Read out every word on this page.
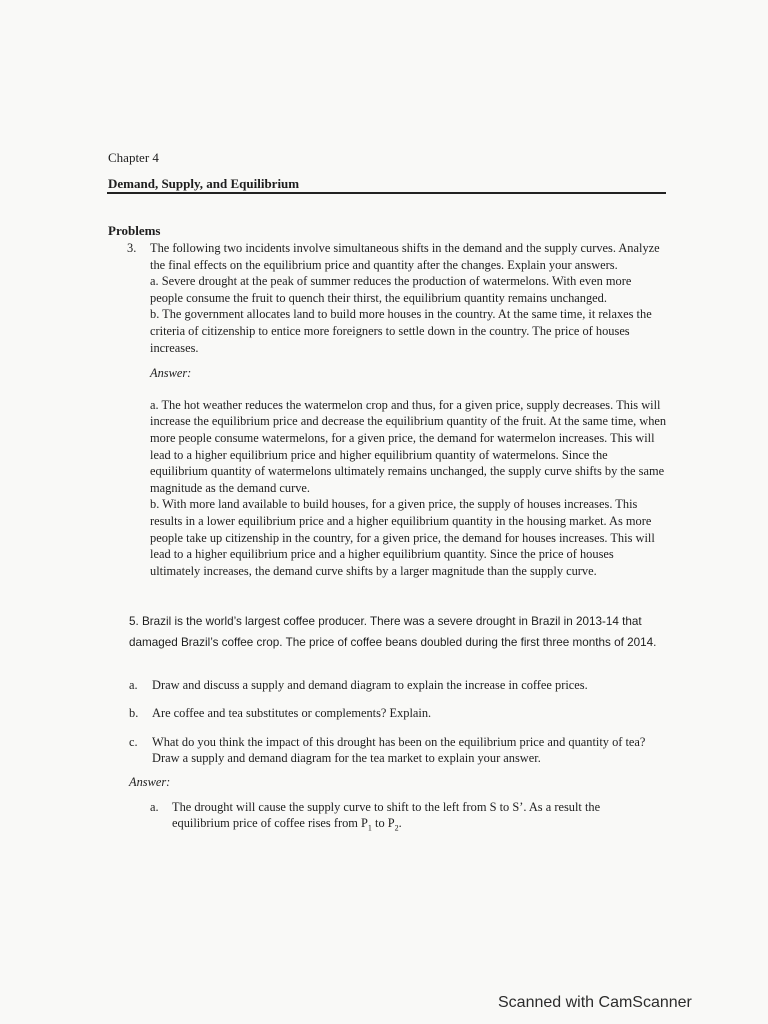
Chapter 4
Demand, Supply, and Equilibrium
Problems
3. The following two incidents involve simultaneous shifts in the demand and the supply curves. Analyze the final effects on the equilibrium price and quantity after the changes. Explain your answers.

a. Severe drought at the peak of summer reduces the production of watermelons. With even more people consume the fruit to quench their thirst, the equilibrium quantity remains unchanged.

b. The government allocates land to build more houses in the country. At the same time, it relaxes the criteria of citizenship to entice more foreigners to settle down in the country. The price of houses increases.

Answer:

a. The hot weather reduces the watermelon crop and thus, for a given price, supply decreases. This will increase the equilibrium price and decrease the equilibrium quantity of the fruit. At the same time, when more people consume watermelons, for a given price, the demand for watermelon increases. This will lead to a higher equilibrium price and higher equilibrium quantity of watermelons. Since the equilibrium quantity of watermelons ultimately remains unchanged, the supply curve shifts by the same magnitude as the demand curve.

b. With more land available to build houses, for a given price, the supply of houses increases. This results in a lower equilibrium price and a higher equilibrium quantity in the housing market. As more people take up citizenship in the country, for a given price, the demand for houses increases. This will lead to a higher equilibrium price and a higher equilibrium quantity. Since the price of houses ultimately increases, the demand curve shifts by a larger magnitude than the supply curve.

5. Brazil is the world’s largest coffee producer. There was a severe drought in Brazil in 2013-14 that damaged Brazil’s coffee crop. The price of coffee beans doubled during the first three months of 2014.
a. Draw and discuss a supply and demand diagram to explain the increase in coffee prices.
b. Are coffee and tea substitutes or complements? Explain.
c. What do you think the impact of this drought has been on the equilibrium price and quantity of tea? Draw a supply and demand diagram for the tea market to explain your answer.
Answer:
a. The drought will cause the supply curve to shift to the left from S to S’. As a result the equilibrium price of coffee rises from $P_1$ to $P_2$.
Scanned with CamScanner
